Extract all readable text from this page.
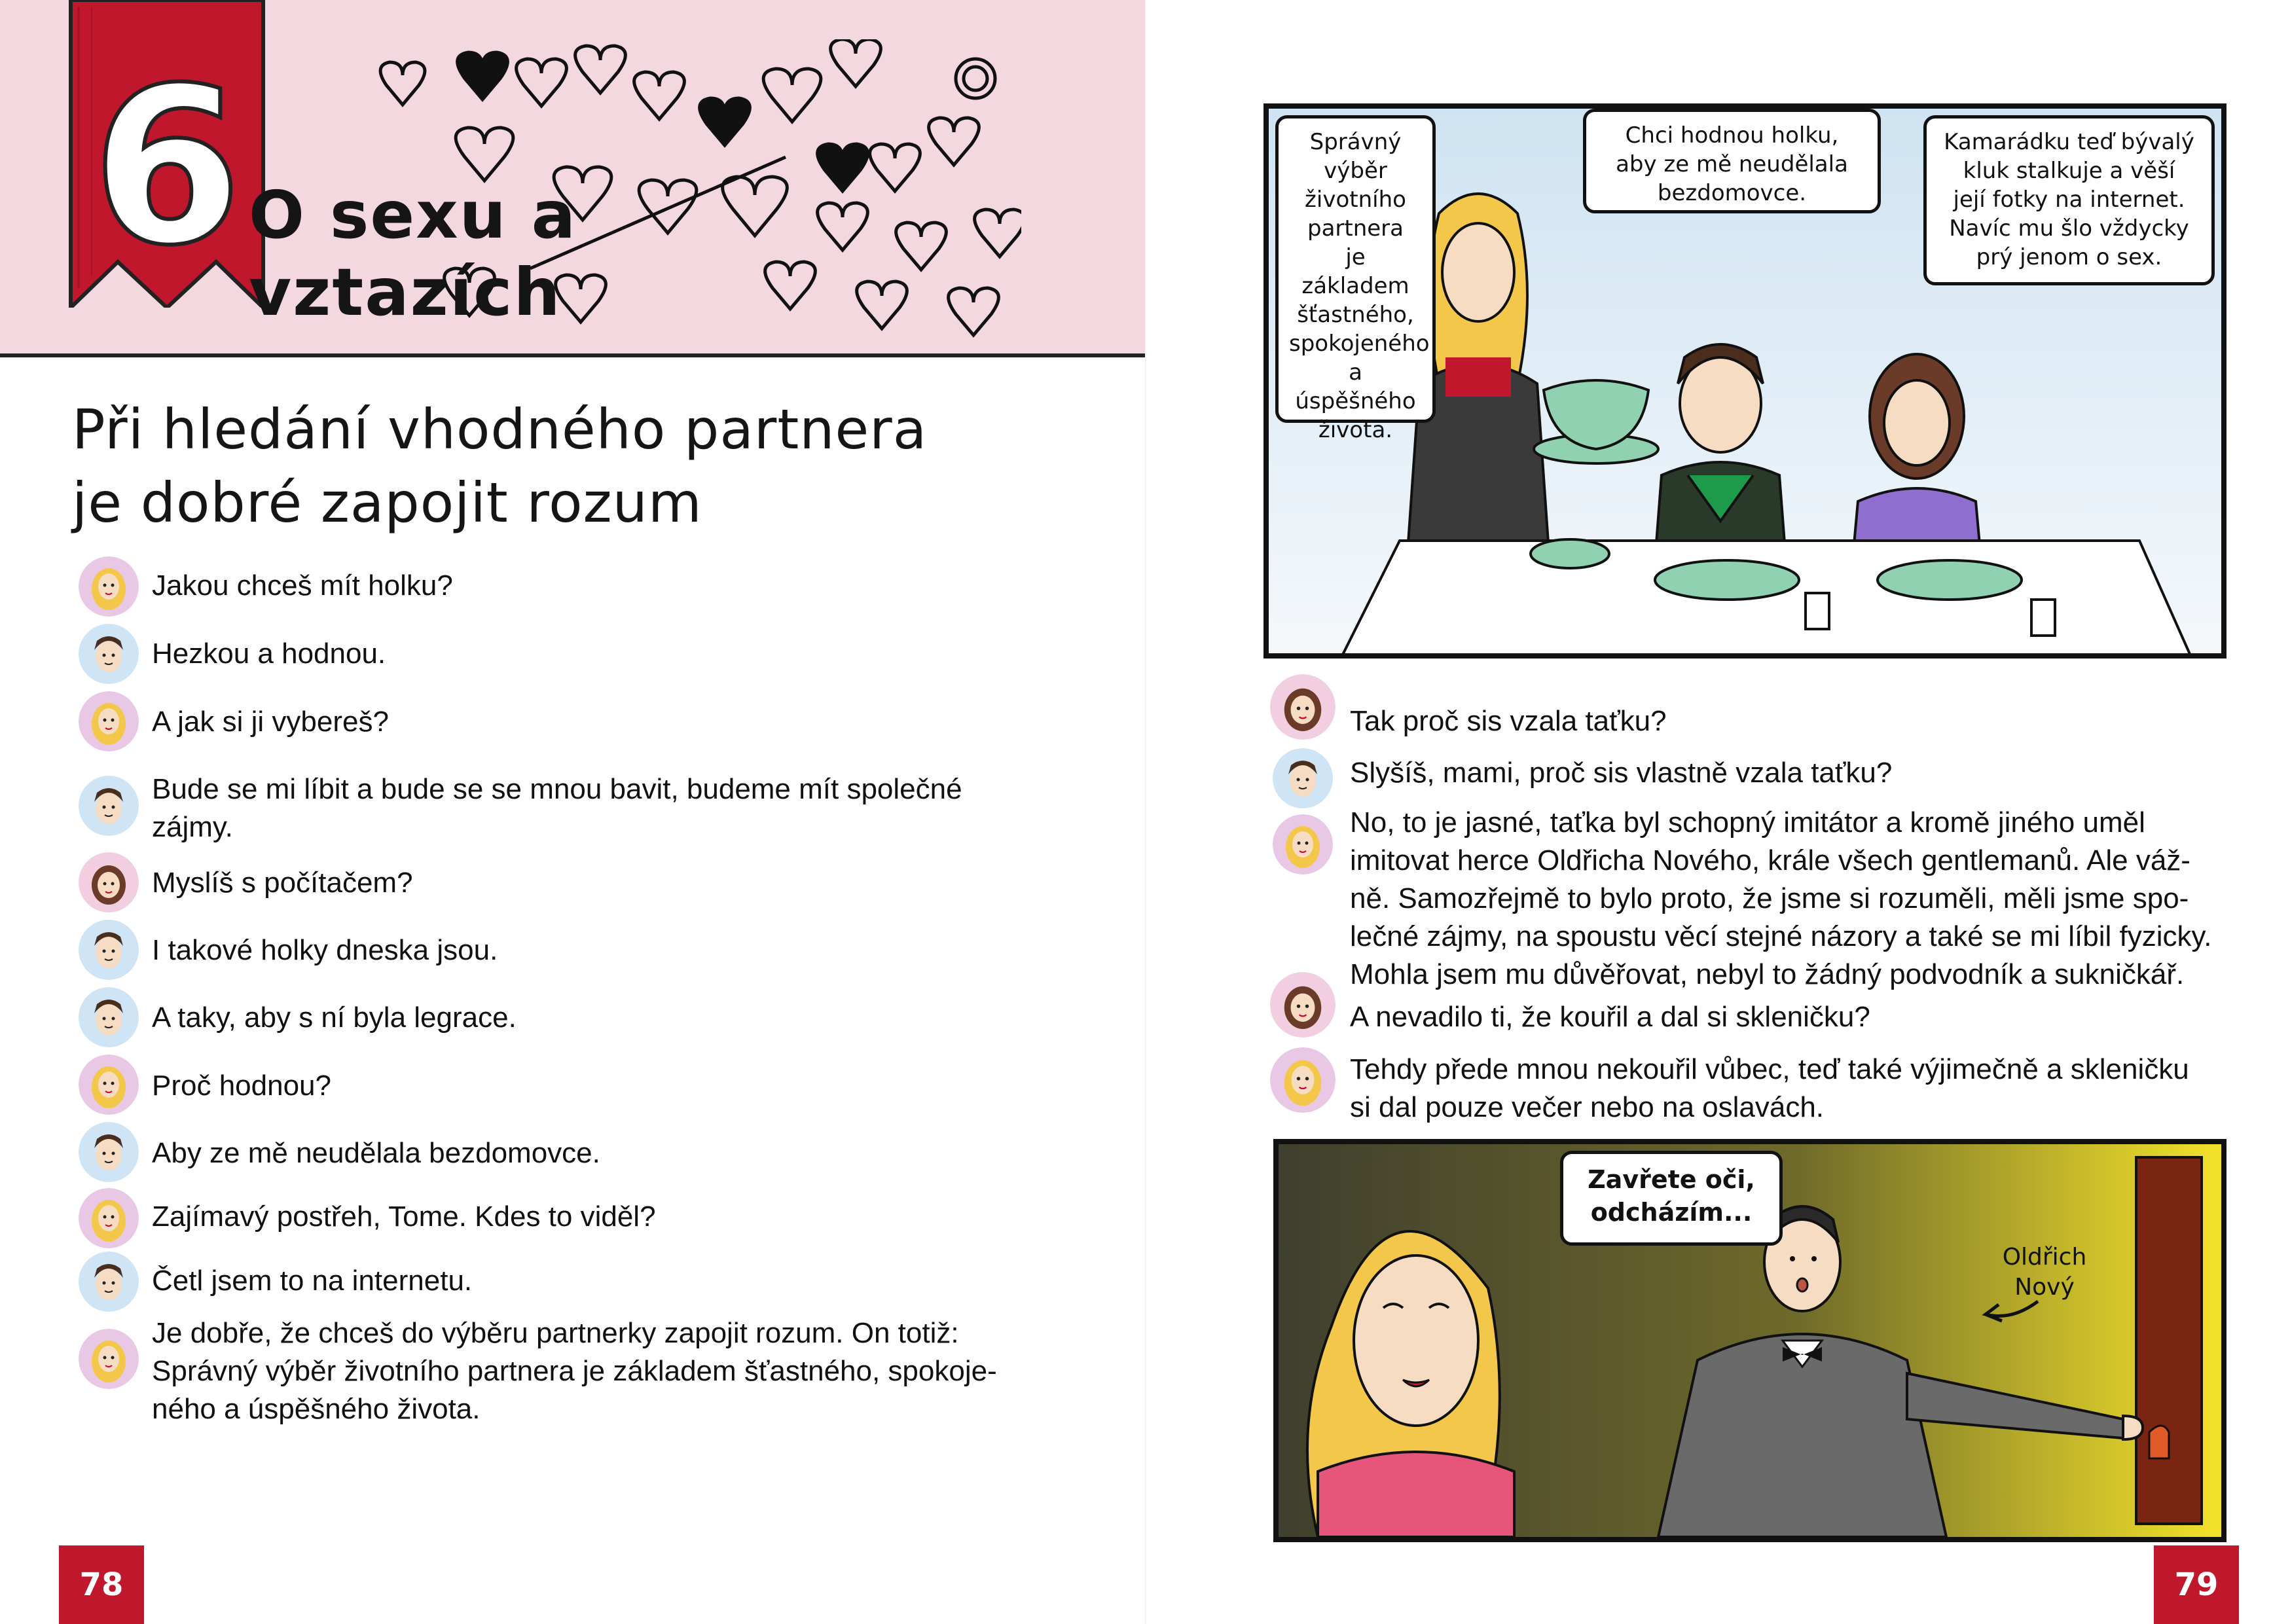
6 O sexu a
vztazích
Při hledání vhodného partnera
je dobré zapojit rozum
Jakou chceš mít holku?
Hezkou a hodnou.
A jak si ji vybereš?
Bude se mi líbit a bude se se mnou bavit, budeme mít společné
zájmy.
Myslíš s počítačem?
I takové holky dneska jsou.
A taky, aby s ní byla legrace.
Proč hodnou?
Aby ze mě neudělala bezdomovce.
Zajímavý postřeh, Tome. Kdes to viděl?
Četl jsem to na internetu.
Je dobře, že chceš do výběru partnerky zapojit rozum. On totiž:
Správný výběr životního partnera je základem šťastného, spokoje-
ného a úspěšného života.
78
Správný
výběr
životního
partnera
je základem
šťastného,
spokojeného
a úspěšného
života.
Chci hodnou holku,
aby ze mě neudělala
bezdomovce.
Kamarádku teď bývalý
kluk stalkuje a věší
její fotky na internet.
Navíc mu šlo vždycky
prý jenom o sex.
Tak proč sis vzala taťku?
Slyšíš, mami, proč sis vlastně vzala taťku?
No, to je jasné, taťka byl schopný imitátor a kromě jiného uměl
imitovat herce Oldřicha Nového, krále všech gentlemanů. Ale váž-
ně. Samozřejmě to bylo proto, že jsme si rozuměli, měli jsme spo-
lečné zájmy, na spoustu věcí stejné názory a také se mi líbil fyzicky.
Mohla jsem mu důvěřovat, nebyl to žádný podvodník a sukničkář.
A nevadilo ti, že kouřil a dal si skleničku?
Tehdy přede mnou nekouřil vůbec, teď také výjimečně a skleničku
si dal pouze večer nebo na oslavách.
Zavřete oči,
odcházím...
Oldřich
Nový
79
